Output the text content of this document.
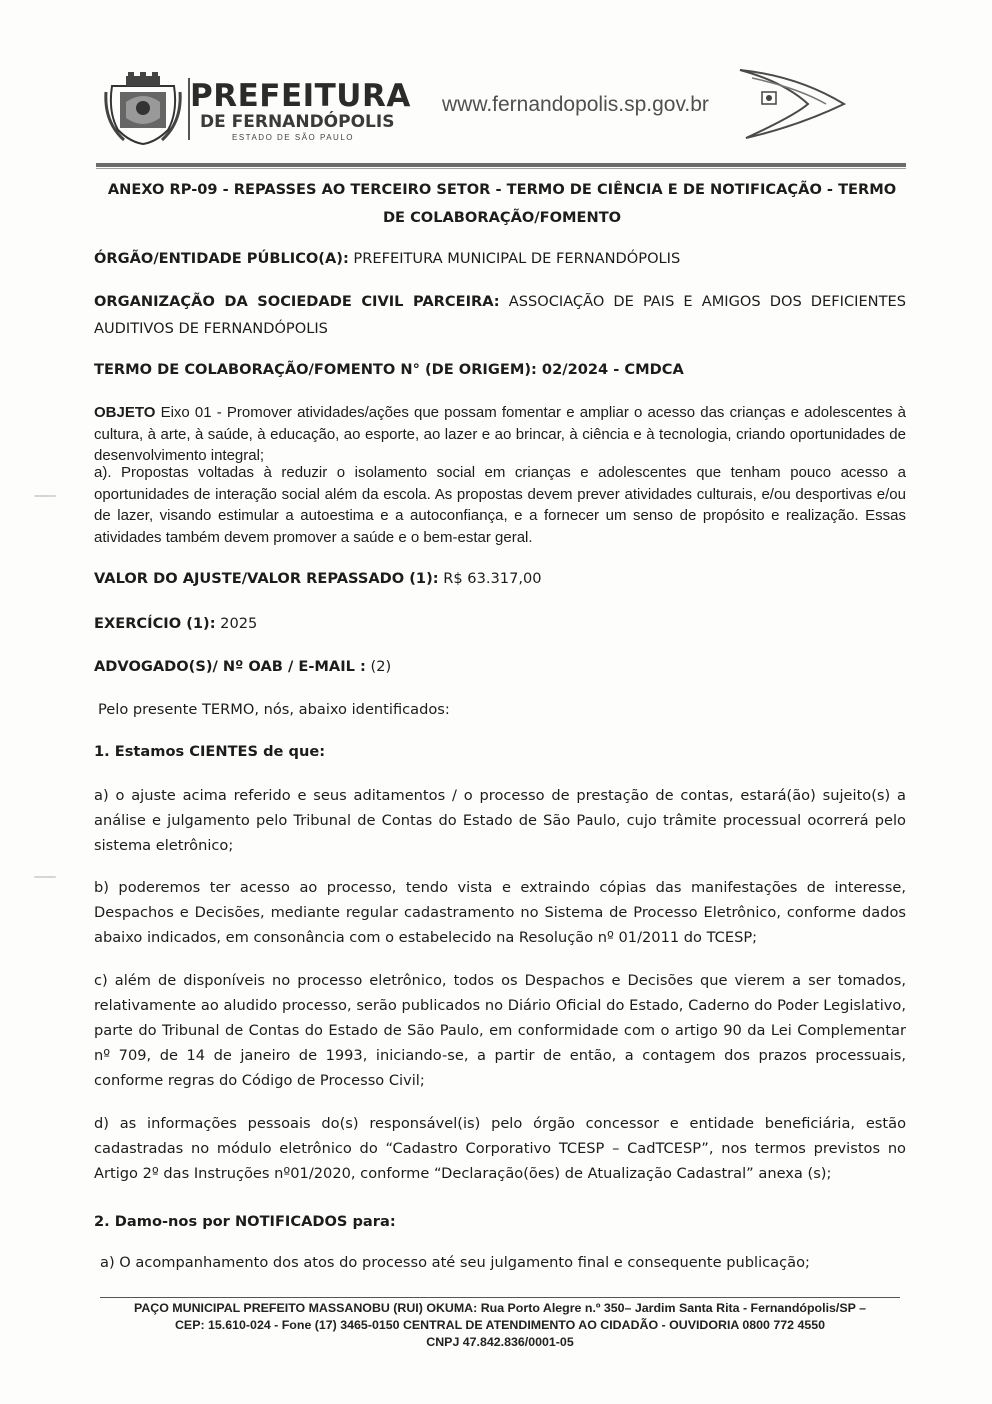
PREFEITURA
DE FERNANDÓPOLIS
ESTADO DE SÃO PAULO
www.fernandopolis.sp.gov.br
ANEXO RP-09 - REPASSES AO TERCEIRO SETOR - TERMO DE CIÊNCIA E DE NOTIFICAÇÃO - TERMO DE COLABORAÇÃO/FOMENTO
ÓRGÃO/ENTIDADE PÚBLICO(A): PREFEITURA MUNICIPAL DE FERNANDÓPOLIS
ORGANIZAÇÃO DA SOCIEDADE CIVIL PARCEIRA: ASSOCIAÇÃO DE PAIS E AMIGOS DOS DEFICIENTES
AUDITIVOS DE FERNANDÓPOLIS
TERMO DE COLABORAÇÃO/FOMENTO N° (DE ORIGEM): 02/2024 - CMDCA
OBJETO Eixo 01 - Promover atividades/ações que possam fomentar e ampliar o acesso das crianças e adolescentes à cultura, à arte, à saúde, à educação, ao esporte, ao lazer e ao brincar, à ciência e à tecnologia, criando oportunidades de desenvolvimento integral;
a). Propostas voltadas à reduzir o isolamento social em crianças e adolescentes que tenham pouco acesso a oportunidades de interação social além da escola. As propostas devem prever atividades culturais, e/ou desportivas e/ou de lazer, visando estimular a autoestima e a autoconfiança, e a fornecer um senso de propósito e realização. Essas atividades também devem promover a saúde e o bem-estar geral.
VALOR DO AJUSTE/VALOR REPASSADO (1): R$ 63.317,00
EXERCÍCIO (1): 2025
ADVOGADO(S)/ Nº OAB / E-MAIL : (2)
Pelo presente TERMO, nós, abaixo identificados:
1. Estamos CIENTES de que:
a) o ajuste acima referido e seus aditamentos / o processo de prestação de contas, estará(ão) sujeito(s) a análise e julgamento pelo Tribunal de Contas do Estado de São Paulo, cujo trâmite processual ocorrerá pelo sistema eletrônico;
b) poderemos ter acesso ao processo, tendo vista e extraindo cópias das manifestações de interesse, Despachos e Decisões, mediante regular cadastramento no Sistema de Processo Eletrônico, conforme dados abaixo indicados, em consonância com o estabelecido na Resolução nº 01/2011 do TCESP;
c) além de disponíveis no processo eletrônico, todos os Despachos e Decisões que vierem a ser tomados, relativamente ao aludido processo, serão publicados no Diário Oficial do Estado, Caderno do Poder Legislativo, parte do Tribunal de Contas do Estado de São Paulo, em conformidade com o artigo 90 da Lei Complementar nº 709, de 14 de janeiro de 1993, iniciando-se, a partir de então, a contagem dos prazos processuais, conforme regras do Código de Processo Civil;
d) as informações pessoais do(s) responsável(is) pelo órgão concessor e entidade beneficiária, estão cadastradas no módulo eletrônico do “Cadastro Corporativo TCESP – CadTCESP”, nos termos previstos no Artigo 2º das Instruções nº01/2020, conforme “Declaração(ões) de Atualização Cadastral” anexa (s);
2. Damo-nos por NOTIFICADOS para:
a) O acompanhamento dos atos do processo até seu julgamento final e consequente publicação;
PAÇO MUNICIPAL PREFEITO MASSANOBU (RUI) OKUMA: Rua Porto Alegre n.º 350– Jardim Santa Rita - Fernandópolis/SP –
CEP: 15.610-024 - Fone (17) 3465-0150 CENTRAL DE ATENDIMENTO AO CIDADÃO - OUVIDORIA 0800 772 4550
CNPJ 47.842.836/0001-05
